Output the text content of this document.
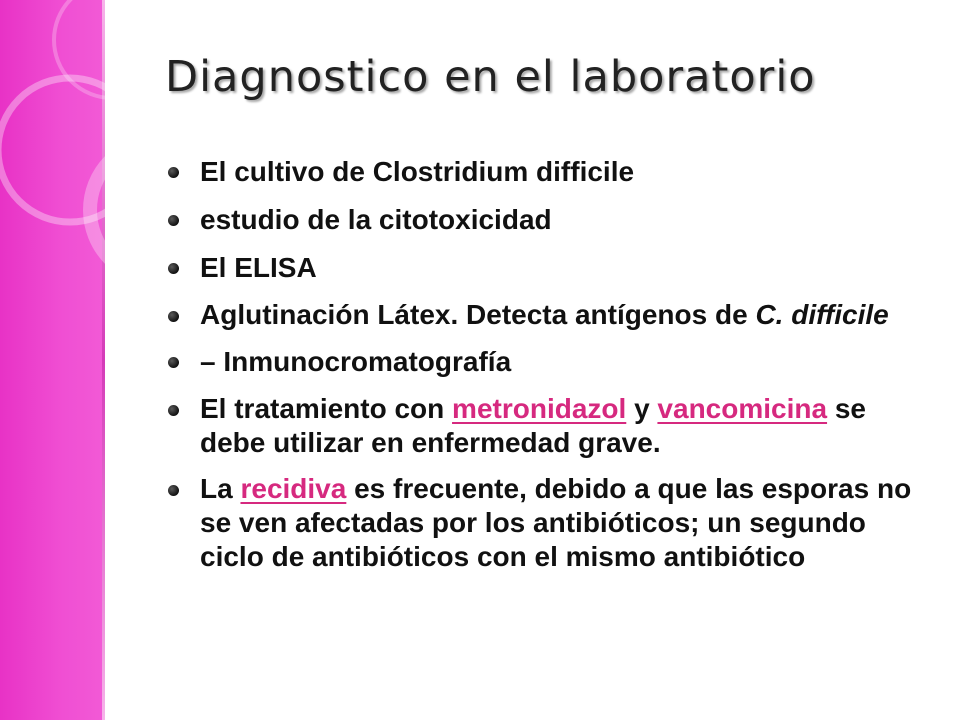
Diagnostico en el laboratorio
El cultivo de Clostridium difficile
estudio de la citotoxicidad
El ELISA
Aglutinación Látex. Detecta antígenos de C. difficile
– Inmunocromatografía
El tratamiento con metronidazol y vancomicina se debe utilizar en enfermedad grave.
La recidiva es frecuente, debido a que las esporas no se ven afectadas por los antibióticos; un segundo ciclo de antibióticos con el mismo antibiótico
